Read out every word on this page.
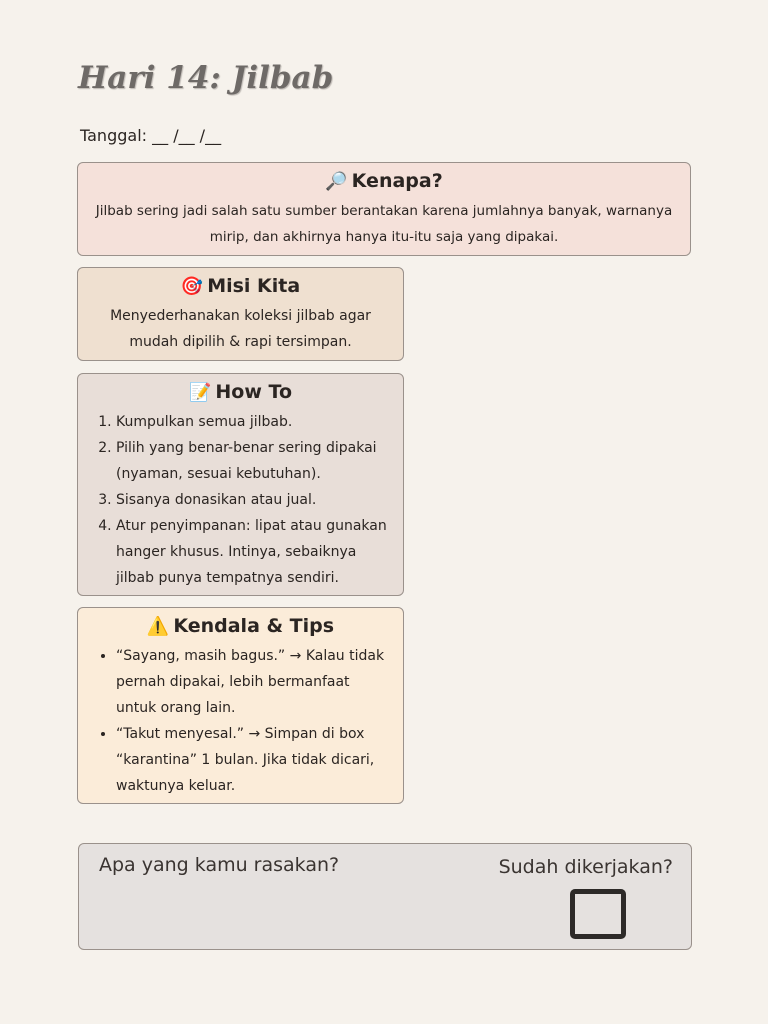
Hari 14: Jilbab
Tanggal: __ /__ /__
🔎 Kenapa?

Jilbab sering jadi salah satu sumber berantakan karena jumlahnya banyak, warnanya mirip, dan akhirnya hanya itu-itu saja yang dipakai.

🎯 Misi Kita

Menyederhanakan koleksi jilbab agar mudah dipilih & rapi tersimpan.

📝 How To
1. Kumpulkan semua jilbab.
2. Pilih yang benar-benar sering dipakai (nyaman, sesuai kebutuhan).
3. Sisanya donasikan atau jual.
4. Atur penyimpanan: lipat atau gunakan hanger khusus. Intinya, sebaiknya jilbab punya tempatnya sendiri.
⚠️ Kendala & Tips
• “Sayang, masih bagus.” → Kalau tidak pernah dipakai, lebih bermanfaat untuk orang lain.
• “Takut menyesal.” → Simpan di box “karantina” 1 bulan. Jika tidak dicari, waktunya keluar.
Apa yang kamu rasakan?	Sudah dikerjakan?
